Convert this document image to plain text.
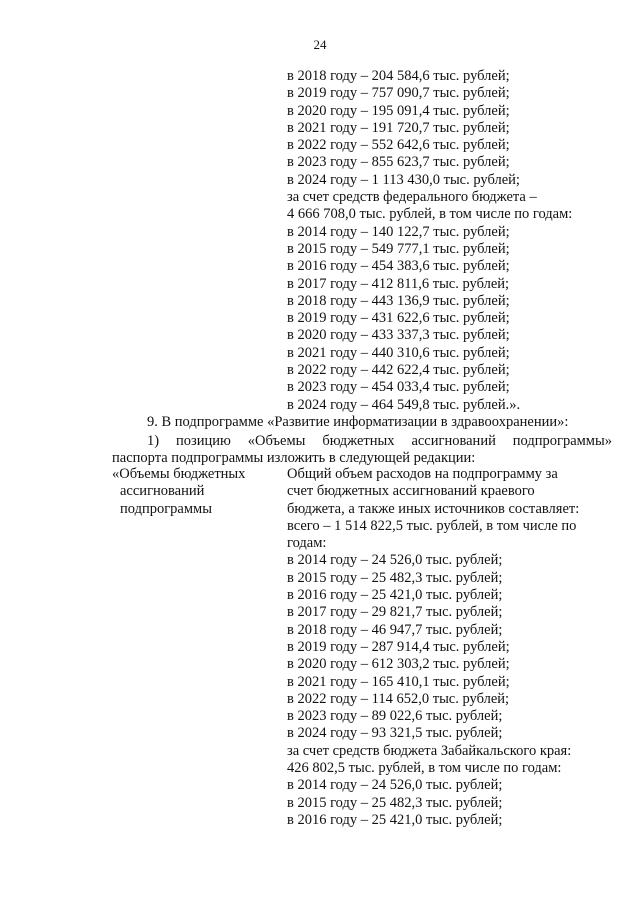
24
в 2018 году – 204 584,6 тыс. рублей;
в 2019 году – 757 090,7 тыс. рублей;
в 2020 году – 195 091,4 тыс. рублей;
в 2021 году – 191 720,7 тыс. рублей;
в 2022 году – 552 642,6 тыс. рублей;
в 2023 году – 855 623,7 тыс. рублей;
в 2024 году – 1 113 430,0 тыс. рублей;
за счет средств федерального бюджета –
4 666 708,0 тыс. рублей, в том числе по годам:
в 2014 году – 140 122,7 тыс. рублей;
в 2015 году – 549 777,1 тыс. рублей;
в 2016 году – 454 383,6 тыс. рублей;
в 2017 году – 412 811,6 тыс. рублей;
в 2018 году – 443 136,9 тыс. рублей;
в 2019 году – 431 622,6 тыс. рублей;
в 2020 году – 433 337,3 тыс. рублей;
в 2021 году – 440 310,6 тыс. рублей;
в 2022 году – 442 622,4 тыс. рублей;
в 2023 году – 454 033,4 тыс. рублей;
в 2024 году – 464 549,8 тыс. рублей.».
9. В подпрограмме «Развитие информатизации в здравоохранении»:
1) позицию «Объемы бюджетных ассигнований подпрограммы»
паспорта подпрограммы изложить в следующей редакции:
«Объемы бюджетных
ассигнований
подпрограммы
Общий объем расходов на подпрограмму за
счет бюджетных ассигнований краевого
бюджета, а также иных источников составляет:
всего – 1 514 822,5 тыс. рублей, в том числе по
годам:
в 2014 году – 24 526,0 тыс. рублей;
в 2015 году – 25 482,3 тыс. рублей;
в 2016 году – 25 421,0 тыс. рублей;
в 2017 году – 29 821,7 тыс. рублей;
в 2018 году – 46 947,7 тыс. рублей;
в 2019 году – 287 914,4 тыс. рублей;
в 2020 году – 612 303,2 тыс. рублей;
в 2021 году – 165 410,1 тыс. рублей;
в 2022 году – 114 652,0 тыс. рублей;
в 2023 году – 89 022,6 тыс. рублей;
в 2024 году – 93 321,5 тыс. рублей;
за счет средств бюджета Забайкальского края:
426 802,5 тыс. рублей, в том числе по годам:
в 2014 году – 24 526,0 тыс. рублей;
в 2015 году – 25 482,3 тыс. рублей;
в 2016 году – 25 421,0 тыс. рублей;
